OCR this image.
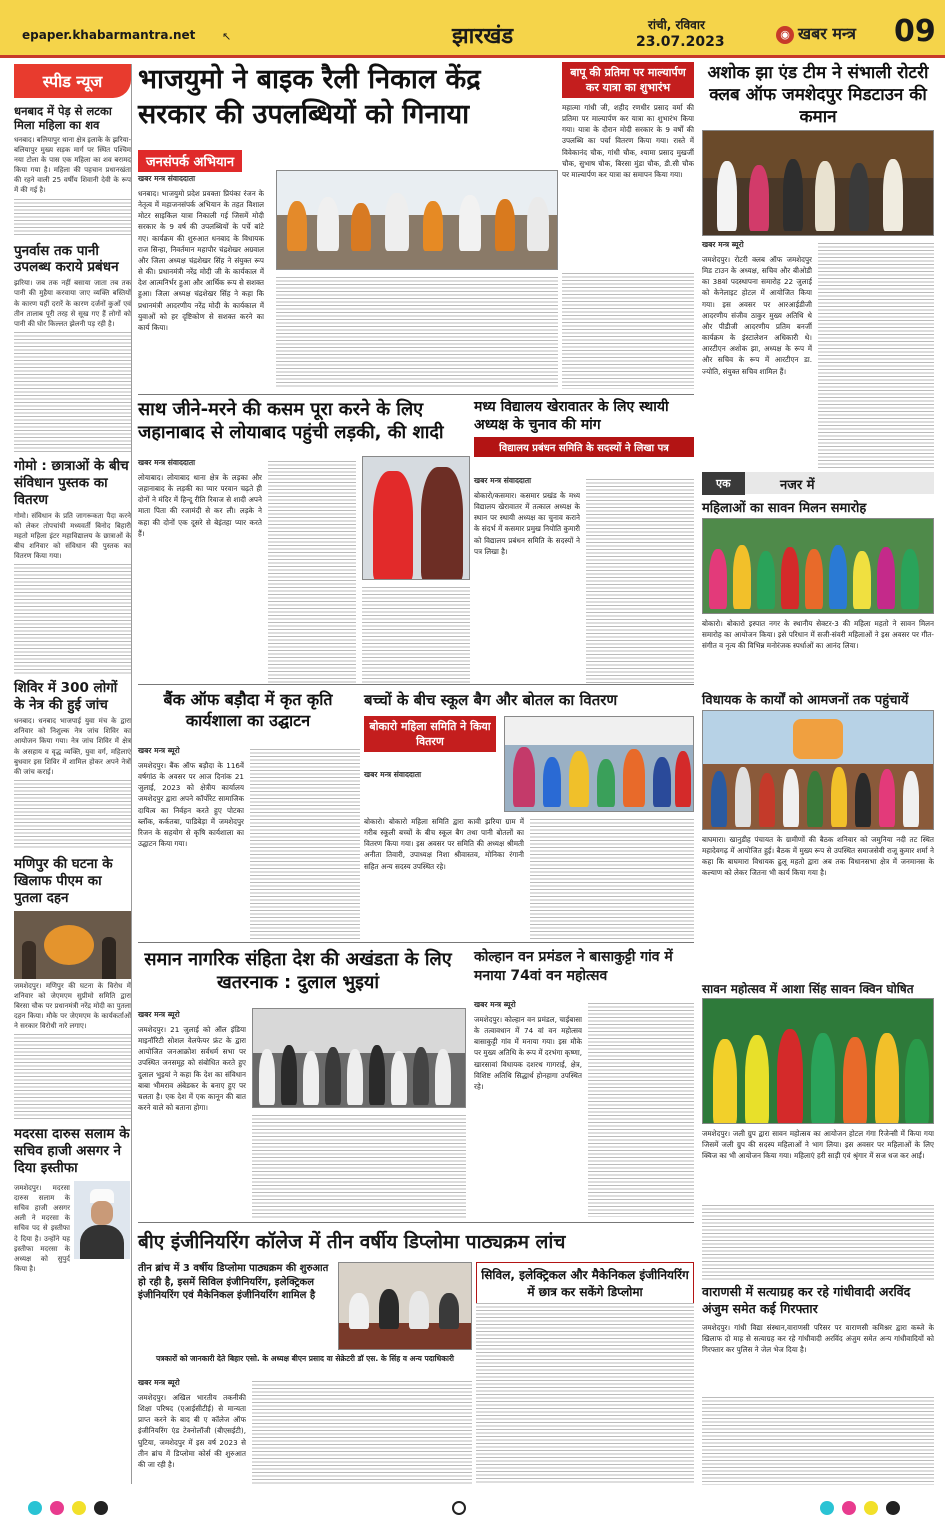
epaper.khabarmantra.net ↖	झारखंड	रांची, रविवार
23.07.2023	◉ खबर मन्त्र 09
स्पीड न्यूज
धनबाद में पेड़ से लटका मिला महिला का शव
धनबाद। बलियापुर थाना क्षेत्र इलाके के झरिया-बलियापुर मुख्य सड़क मार्ग पर स्थित पश्चिम नया टोला के पास एक महिला का शव बरामद किया गया है। महिला की पहचान प्रधानखंता की रहने वाली 25 वर्षीय शिवानी देवी के रूप में की गई है।
पुनर्वास तक पानी उपलब्ध कराये प्रबंधन
झरिया। जब तक नहीं बसाया जाता तब तक पानी की मुहैया करवाया जाए व्यक्ति बस्तियों के कारण यहीं दरारें के कारण दर्जनों कुओं एवं तीन तालाब पूरी तरह से सूख गए हैं लोगों को पानी की घोर किल्लत झेलनी पड़ रही है।
गोमो : छात्राओं के बीच संविधान पुस्तक का वितरण
गोमो। संविधान के प्रति जागरूकता पैदा करने को लेकर तोपचांची मध्यवर्ती बिनोद बिहारी महतो महिला इंटर महाविद्यालय के छात्राओं के बीच शनिवार को संविधान की पुस्तक का वितरण किया गया।
शिविर में 300 लोगों के नेत्र की हुई जांच
धनबाद। धनबाद भाजपाई युवा मंच के द्वारा शनिवार को निशुल्क नेत्र जांच शिविर का आयोजन किया गया। नेत्र जांच शिविर में क्षेत्र के असहाय व वृद्ध व्यक्ति, युवा वर्ग, महिलाएं बुधवार इस शिविर में शामिल होकर अपने नेत्रों की जांच कराई।
मणिपुर की घटना के खिलाफ पीएम का पुतला दहन
जमशेदपुर। मणिपुर की घटना के विरोध में शनिवार को जेएमएम सुप्रीमो समिति द्वारा बिरसा चौक पर प्रधानमंत्री नरेंद्र मोदी का पुतला दहन किया। मौके पर जेएमएम के कार्यकर्ताओं ने सरकार विरोधी नारे लगाए।
मदरसा दारुस सलाम के सचिव हाजी असगर ने दिया इस्तीफा
जमशेदपुर। मदरसा दारुस सलाम के सचिव हाजी असगर अली ने मदरसा के सचिव पद से इस्तीफा दे दिया है। उन्होंने यह इस्तीफा मदरसा के अध्यक्ष को सुपुर्द किया है।
भाजयुमो ने बाइक रैली निकाल केंद्र सरकार की उपलब्धियों को गिनाया
जनसंपर्क अभियान
खबर मन्त्र संवाददाता
धनबाद। भाजयुमो प्रदेश प्रवक्ता प्रियंका रंजन के नेतृत्व में महाजनसंपर्क अभियान के तहत विशाल मोटर साइकिल यात्रा निकाली गई जिसमें मोदी सरकार के 9 वर्ष की उपलब्धियों के पर्चे बांटे गए। कार्यक्रम की शुरुआत धनबाद के विधायक राज सिन्हा, निवर्तमान महापौर चंद्रशेखर अग्रवाल और जिला अध्यक्ष चंद्रशेखर सिंह ने संयुक्त रूप से की। प्रधानमंत्री नरेंद्र मोदी जी के कार्यकाल में देश आत्मनिर्भर हुआ और आर्थिक रूप से सशक्त हुआ। जिला अध्यक्ष चंद्रशेखर सिंह ने कहा कि प्रधानमंत्री आदरणीय नरेंद्र मोदी के कार्यकाल में युवाओं को हर दृष्टिकोण से सशक्त करने का कार्य किया।
बापू की प्रतिमा पर माल्यार्पण कर यात्रा का शुभारंभ
महात्मा गांधी जी, शहीद रणधीर प्रसाद वर्मा की प्रतिमा पर माल्यार्पण कर यात्रा का शुभारंभ किया गया। यात्रा के दौरान मोदी सरकार के 9 वर्षों की उपलब्धि का पर्चा वितरण किया गया। रास्ते में विवेकानंद चौक, गांधी चौक, श्यामा प्रसाद मुखर्जी चौक, सुभाष चौक, बिरसा मुंडा चौक, डी.सी चौक पर माल्यार्पण कर यात्रा का समापन किया गया।
अशोक झा एंड टीम ने संभाली रोटरी क्लब ऑफ जमशेदपुर मिडटाउन की कमान
खबर मन्त्र ब्यूरो
जमशेदपुर। रोटरी क्लब ऑफ जमशेदपुर मिड टाउन के अध्यक्ष, सचिव और बीओडी का 38वां पदस्थापना समारोह 22 जुलाई को केनेलाइट होटल में आयोजित किया गया। इस अवसर पर आरआईडीजी आदरणीय संजीव ठाकुर मुख्य अतिथि थे और पीडीजी आदरणीय प्रतिम बनर्जी कार्यक्रम के इंस्टालेशन अधिकारी थे। आरटीएन अशोक झा, अध्यक्ष के रूप में और सचिव के रूप में आरटीएन डा. ज्योति, संयुक्त सचिव शामिल हैं।
साथ जीने-मरने की कसम पूरा करने के लिए जहानाबाद से लोयाबाद पहुंची लड़की, की शादी
खबर मन्त्र संवाददाता
लोयाबाद। लोयाबाद थाना क्षेत्र के लड़का और जहानाबाद के लड़की का प्यार परवान चढ़ते ही दोनों ने मंदिर में हिन्दू रीति रिवाज से शादी अपने माता पिता की रजामंदी से कर ली। लड़के ने कहा की दोनों एक दूसरे से बेइंतहा प्यार करते हैं।
मध्य विद्यालय खेरावातर के लिए स्थायी अध्यक्ष के चुनाव की मांग
विद्यालय प्रबंधन समिति के सदस्यों ने लिखा पत्र
खबर मन्त्र संवाददाता
बोकारो/कसमार। कसमार प्रखंड के मध्य विद्यालय खेरावातर में तत्काल अध्यक्ष के स्थान पर स्थायी अध्यक्ष का चुनाव कराने के संदर्भ में कसमार प्रमुख नियोति कुमारी को विद्यालय प्रबंधन समिति के सदस्यों ने पत्र लिखा है।
एक	नजर में
महिलाओं का सावन मिलन समारोह
बोकारो। बोकारो इस्पात नगर के स्थानीय सेक्टर-3 की महिला महतो ने सावन मिलन समारोह का आयोजन किया। इसे परिधान में सजी-संवरी महिलाओं ने इस अवसर पर गीत-संगीत व नृत्य की विभिन्न मनोरंजक स्पर्धाओं का आनंद लिया।
विधायक के कार्यों को आमजनों तक पहुंचायें
बाघमारा। खानुडीह पंचायत के ग्रामीणों की बैठक शनिवार को जमुनिया नदी तट स्थित महादेवगढ़ में आयोजित हुई। बैठक में मुख्य रूप से उपस्थित समाजसेवी राजू कुमार शर्मा ने कहा कि बाघमारा विधायक ढुलू महतो द्वारा अब तक विधानसभा क्षेत्र में जनमानस के कल्याण को लेकर जितना भी कार्य किया गया है।
बैंक ऑफ बड़ौदा में कृत कृति कार्यशाला का उद्घाटन
खबर मन्त्र ब्यूरो
जमशेदपुर। बैंक ऑफ बड़ौदा के 116वें वर्षगांठ के अवसर पर आज दिनांक 21 जुलाई, 2023 को क्षेत्रीय कार्यालय जमशेदपुर द्वारा अपने कॉर्पोरेट सामाजिक दायित्व का निर्वहन करते हुए पोटका ब्लॉक, कर्कतबा, पाडिबेड़ा में जमशेदपुर रिजन के सहयोग से कृषि कार्यशाला का उद्घाटन किया गया।
बच्चों के बीच स्कूल बैग और बोतल का वितरण
बोकारो महिला समिति ने किया वितरण
खबर मन्त्र संवाददाता
बोकारो। बोकारो महिला समिति द्वारा कावी झरिया ग्राम में गरीब स्कूली बच्चों के बीच स्कूल बैग तथा पानी बोतलों का वितरण किया गया। इस अवसर पर समिति की अध्यक्ष श्रीमती अनीता तिवारी, उपाध्यक्ष निशा श्रीवास्तव, मोनिका रंगानी सहित अन्य सदस्य उपस्थित रहे।
समान नागरिक संहिता देश की अखंडता के लिए खतरनाक : दुलाल भुइयां
खबर मन्त्र ब्यूरो
जमशेदपुर। 21 जुलाई को ऑल इंडिया माइनॉरिटी सोशल वेलफेयर फ्रंट के द्वारा आयोजित जनआक्रोश सर्वधर्म सभा पर उपस्थित जनसमूह को संबोधित करते हुए दुलाल भुइयां ने कहा कि देश का संविधान बाबा भीमराव अंबेडकर के बनाए हुए पर चलता है। एक देश में एक कानून की बात करने वाले को बताना होगा।
कोल्हान वन प्रमंडल ने बासाकुट्टी गांव में मनाया 74वां वन महोत्सव
खबर मन्त्र ब्यूरो
जमशेदपुर। कोल्हान वन प्रमंडल, चाईबासा के तत्वावधान में 74 वां वन महोत्सव बासाकुट्टी गांव में मनाया गया। इस मौके पर मुख्य अतिथि के रूप में दरभंगा कृष्णा, खारसावां विधायक दशरथ गागराई, क्षेत्र, विशिष्ट अतिथि सिद्धार्थ होनहागा उपस्थित रहे।
सावन महोत्सव में आशा सिंह सावन क्विन घोषित
जमशेदपुर। जली ग्रुप द्वारा सावन महोत्सव का आयोजन होटल गंगा रिजेन्सी में किया गया जिसमें जली ग्रुप की सदस्य महिलाओं ने भाग लिया। इस अवसर पर महिलाओं के लिए क्विज का भी आयोजन किया गया। महिलाएं हरी साड़ी एवं श्रृंगार में सज धज कर आईं।
बीए इंजीनियरिंग कॉलेज में तीन वर्षीय डिप्लोमा पाठ्यक्रम लांच
तीन ब्रांच में 3 वर्षीय डिप्लोमा पाठ्यक्रम की शुरुआत हो रही है, इसमें सिविल इंजीनियरिंग, इलेक्ट्रिकल इंजीनियरिंग एवं मैकेनिकल इंजीनियरिंग शामिल है
सिविल, इलेक्ट्रिकल और मैकेनिकल इंजीनियरिंग में छात्र कर सकेंगे डिप्लोमा
पत्रकारों को जानकारी देते बिहार एसो. के अध्यक्ष बीएन प्रसाद वा सेक्रेटरी डॉ एस. के सिंह व अन्य पदाधिकारी
खबर मन्त्र ब्यूरो
जमशेदपुर। अखिल भारतीय तकनीकी शिक्षा परिषद (एआईसीटीई) से मान्यता प्राप्त करने के बाद बी ए कॉलेज ऑफ इंजीनियरिंग एंड टेक्नोलॉजी (बीएसईटी), घुटिया, जमशेदपुर में इस वर्ष 2023 से तीन ब्रांच में डिप्लोमा कोर्स की शुरुआत की जा रही है।
वाराणसी में सत्याग्रह कर रहे गांधीवादी अरविंद अंजुम समेत कई गिरफ्तार
जमशेदपुर। गांधी विद्या संस्थान,वाराणसी परिसर पर वाराणसी कमिश्नर द्वारा कब्जे के खिलाफ दो माह से सत्याग्रह कर रहे गांधीवादी अरविंद अंजुम समेत अन्य गांधीवादियों को गिरफ्तार कर पुलिस ने जेल भेज दिया है।
